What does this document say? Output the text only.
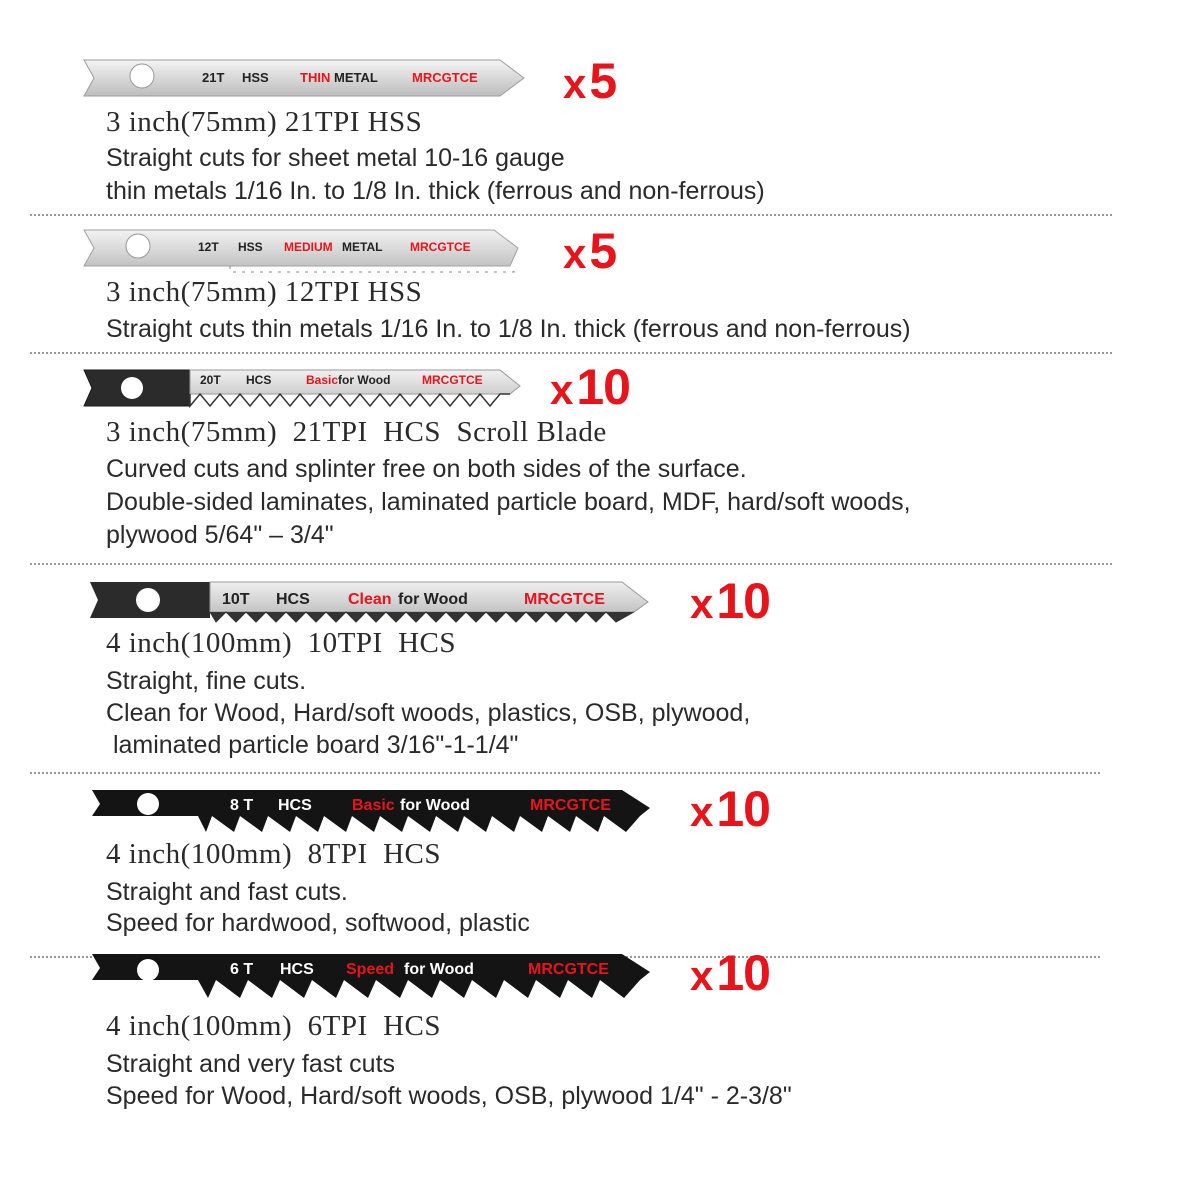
21T HSS THIN METAL	MRCGTCE x5
3 inch(75mm) 21TPI HSS
Straight cuts for sheet metal 10-16 gauge
thin metals 1/16 In. to 1/8 In. thick (ferrous and non-ferrous)
12T HSS MEDIUM METAL MRCGTCE x5
3 inch(75mm) 12TPI HSS
Straight cuts thin metals 1/16 In. to 1/8 In. thick (ferrous and non-ferrous)
20T HCS	Basic for Wood	MRCGTCE x10
3 inch(75mm)  21TPI  HCS  Scroll Blade
Curved cuts and splinter free on both sides of the surface.
Double-sided laminates, laminated particle board, MDF, hard/soft woods,
plywood 5/64" – 3/4"
10T HCS Clean for Wood	MRCGTCE x10
4 inch(100mm)  10TPI  HCS
Straight, fine cuts.
Clean for Wood, Hard/soft woods, plastics, OSB, plywood,
laminated particle board 3/16"-1-1/4"
8 T HCS	Basic for Wood	MRCGTCE x10
4 inch(100mm)  8TPI  HCS
Straight and fast cuts.
Speed for hardwood, softwood, plastic
6 T HCS Speed for Wood	MRCGTCE x10
4 inch(100mm)  6TPI  HCS
Straight and very fast cuts
Speed for Wood, Hard/soft woods, OSB, plywood 1/4" - 2-3/8"
